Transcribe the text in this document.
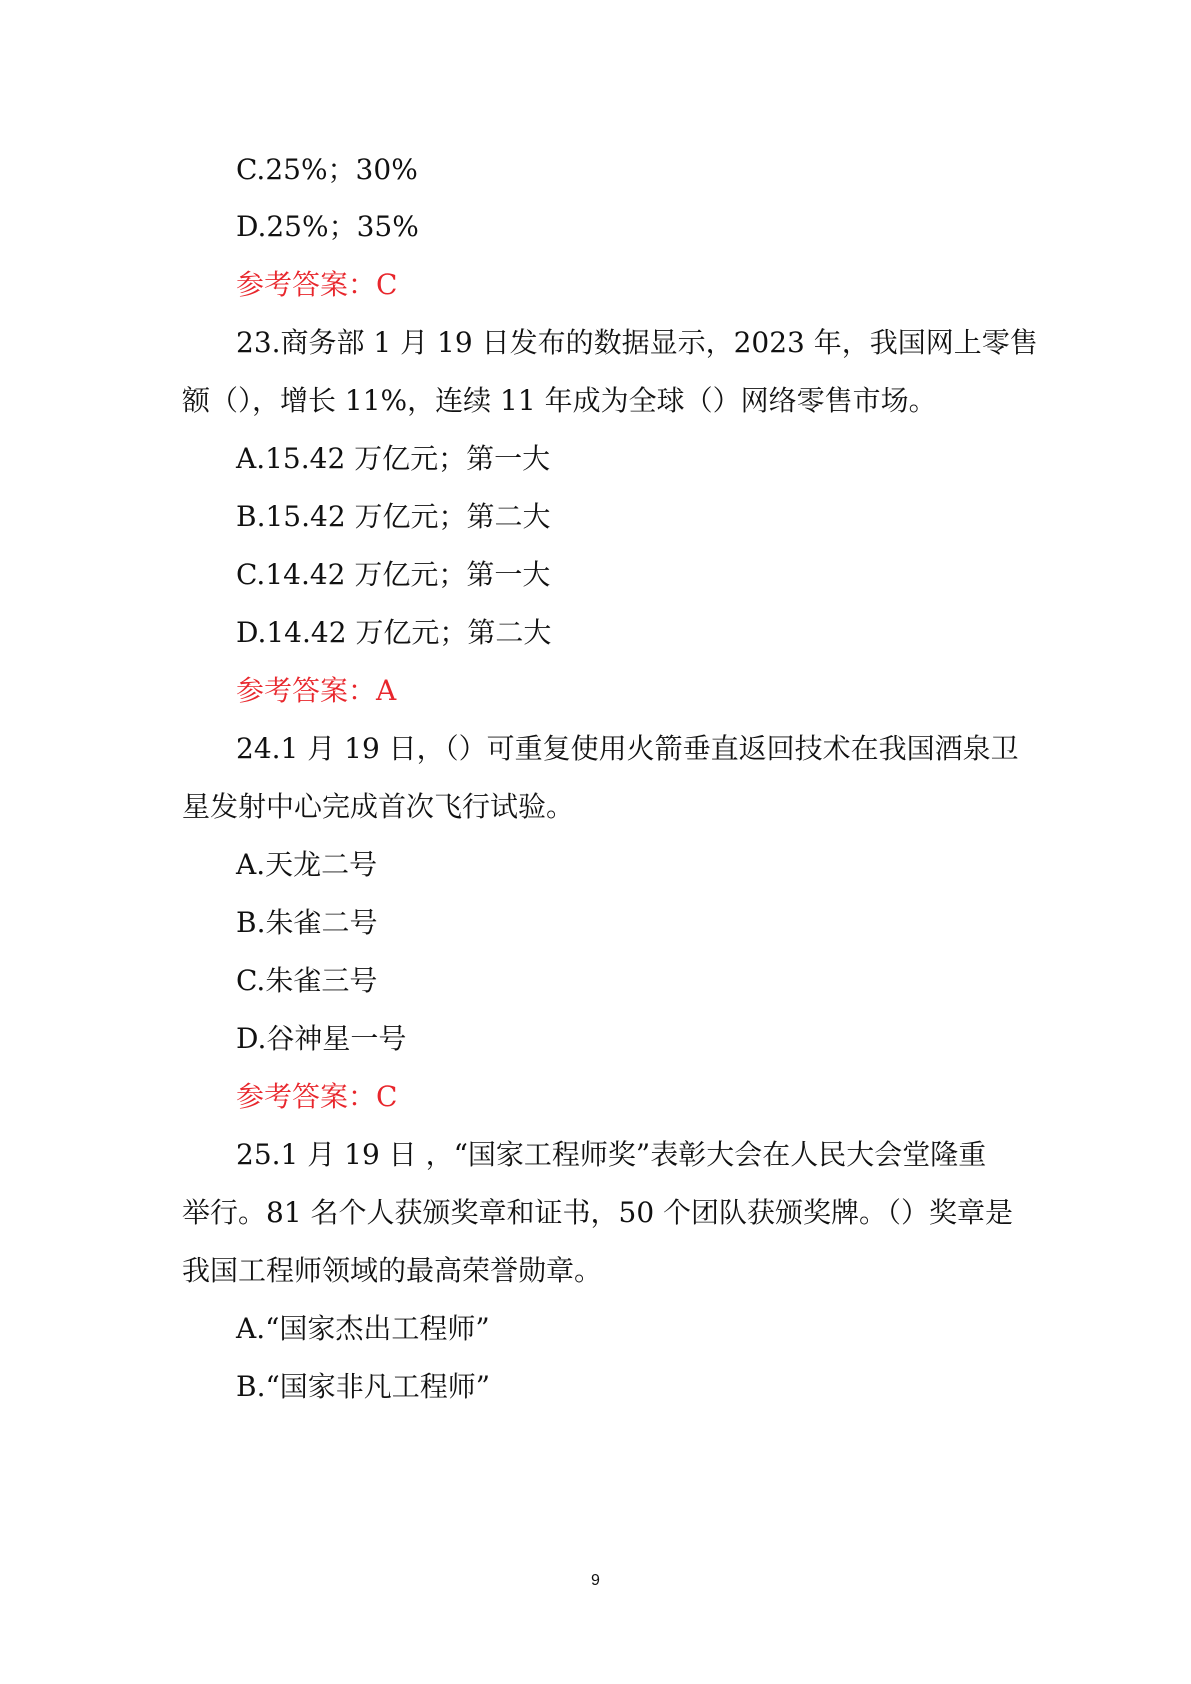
C.25%；30%
D.25%；35%
参考答案：C
23.商务部 1 月 19 日发布的数据显示，2023 年，我国网上零售
额（），增长 11%，连续 11 年成为全球（）网络零售市场。
A.15.42 万亿元；第一大
B.15.42 万亿元；第二大
C.14.42 万亿元；第一大
D.14.42 万亿元；第二大
参考答案：A
24.1 月 19 日，（）可重复使用火箭垂直返回技术在我国酒泉卫
星发射中心完成首次飞行试验。
A.天龙二号
B.朱雀二号
C.朱雀三号
D.谷神星一号
参考答案：C
25.1 月 19 日 ，“国家工程师奖”表彰大会在人民大会堂隆重
举行。81 名个人获颁奖章和证书，50 个团队获颁奖牌。（）奖章是
我国工程师领域的最高荣誉勋章。
A.“国家杰出工程师”
B.“国家非凡工程师”
9
